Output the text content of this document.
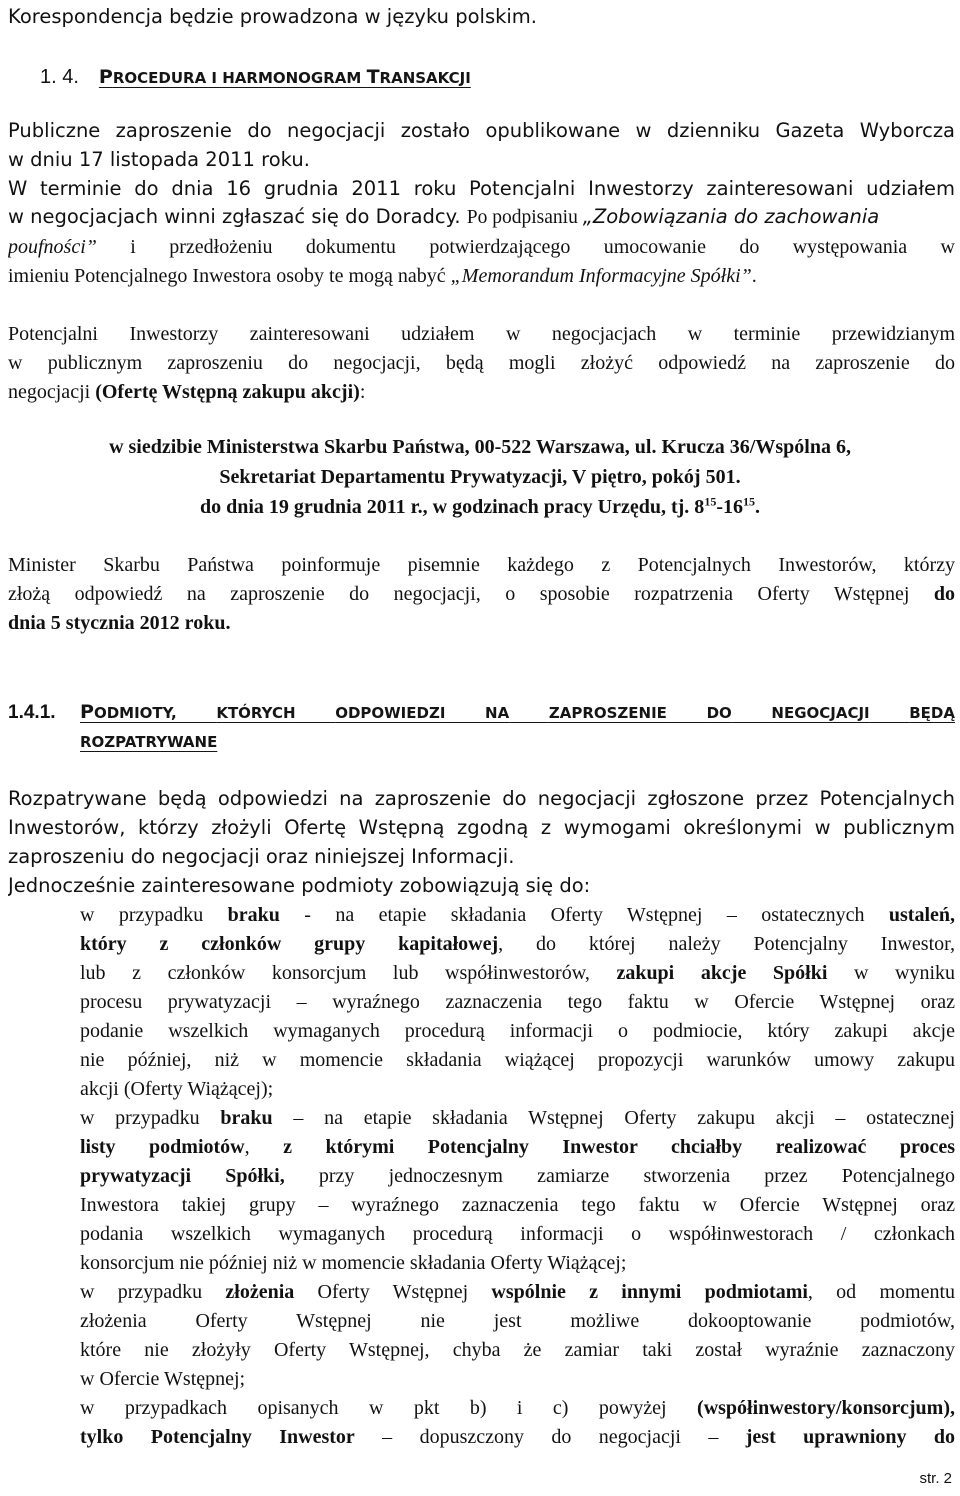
Korespondencja będzie prowadzona w języku polskim.
1. 4. PROCEDURA I HARMONOGRAM TRANSAKCJI
Publiczne zaproszenie do negocjacji zostało opublikowane w dzienniku Gazeta Wyborcza
w dniu 17 listopada 2011 roku.
W terminie do dnia 16 grudnia 2011 roku Potencjalni Inwestorzy zainteresowani udziałem
w negocjacjach winni zgłaszać się do Doradcy. Po podpisaniu „Zobowiązania do zachowania
poufności” i przedłożeniu dokumentu potwierdzającego umocowanie do występowania w
imieniu Potencjalnego Inwestora osoby te mogą nabyć „Memorandum Informacyjne Spółki”.
Potencjalni Inwestorzy zainteresowani udziałem w negocjacjach w terminie przewidzianym
w publicznym zaproszeniu do negocjacji, będą mogli złożyć odpowiedź na zaproszenie do
negocjacji (Ofertę Wstępną zakupu akcji):
w siedzibie Ministerstwa Skarbu Państwa, 00-522 Warszawa, ul. Krucza 36/Wspólna 6,
Sekretariat Departamentu Prywatyzacji, V piętro, pokój 501.
do dnia 19 grudnia 2011 r., w godzinach pracy Urzędu, tj. $8^{15}-16^{15}$.
Minister Skarbu Państwa poinformuje pisemnie każdego z Potencjalnych Inwestorów, którzy
złożą odpowiedź na zaproszenie do negocjacji, o sposobie rozpatrzenia Oferty Wstępnej do
dnia 5 stycznia 2012 roku.
1.4.1.	PODMIOTY, KTÓRYCH	ODPOWIEDZI	NA	ZAPROSZENIE	DO	NEGOCJACJI	BĘDĄ
ROZPATRYWANE
Rozpatrywane będą odpowiedzi na zaproszenie do negocjacji zgłoszone przez Potencjalnych
Inwestorów, którzy złożyli Ofertę Wstępną zgodną z wymogami określonymi w publicznym
zaproszeniu do negocjacji oraz niniejszej Informacji.
Jednocześnie zainteresowane podmioty zobowiązują się do:
w przypadku braku - na etapie składania Oferty Wstępnej – ostatecznych ustaleń,
który z członków grupy kapitałowej, do której należy Potencjalny Inwestor,
lub z członków konsorcjum lub współinwestorów, zakupi akcje Spółki w wyniku
procesu prywatyzacji – wyraźnego zaznaczenia tego faktu w Ofercie Wstępnej oraz
podanie wszelkich wymaganych procedurą informacji o podmiocie, który zakupi akcje
nie później, niż w momencie składania wiążącej propozycji warunków umowy zakupu
akcji (Oferty Wiążącej);
w przypadku braku – na etapie składania Wstępnej Oferty zakupu akcji – ostatecznej
listy podmiotów, z którymi Potencjalny Inwestor chciałby realizować proces
prywatyzacji Spółki, przy jednoczesnym zamiarze stworzenia przez Potencjalnego
Inwestora takiej grupy – wyraźnego zaznaczenia tego faktu w Ofercie Wstępnej oraz
podania wszelkich wymaganych procedurą informacji o współinwestorach / członkach
konsorcjum nie później niż w momencie składania Oferty Wiążącej;
w przypadku złożenia Oferty Wstępnej wspólnie z innymi podmiotami, od momentu
złożenia Oferty Wstępnej nie jest możliwe dokooptowanie podmiotów,
które nie złożyły Oferty Wstępnej, chyba że zamiar taki został wyraźnie zaznaczony
w Ofercie Wstępnej;
w przypadkach opisanych w pkt b) i c) powyżej (współinwestory/konsorcjum),
tylko Potencjalny Inwestor – dopuszczony do negocjacji – jest uprawniony do
str. 2
